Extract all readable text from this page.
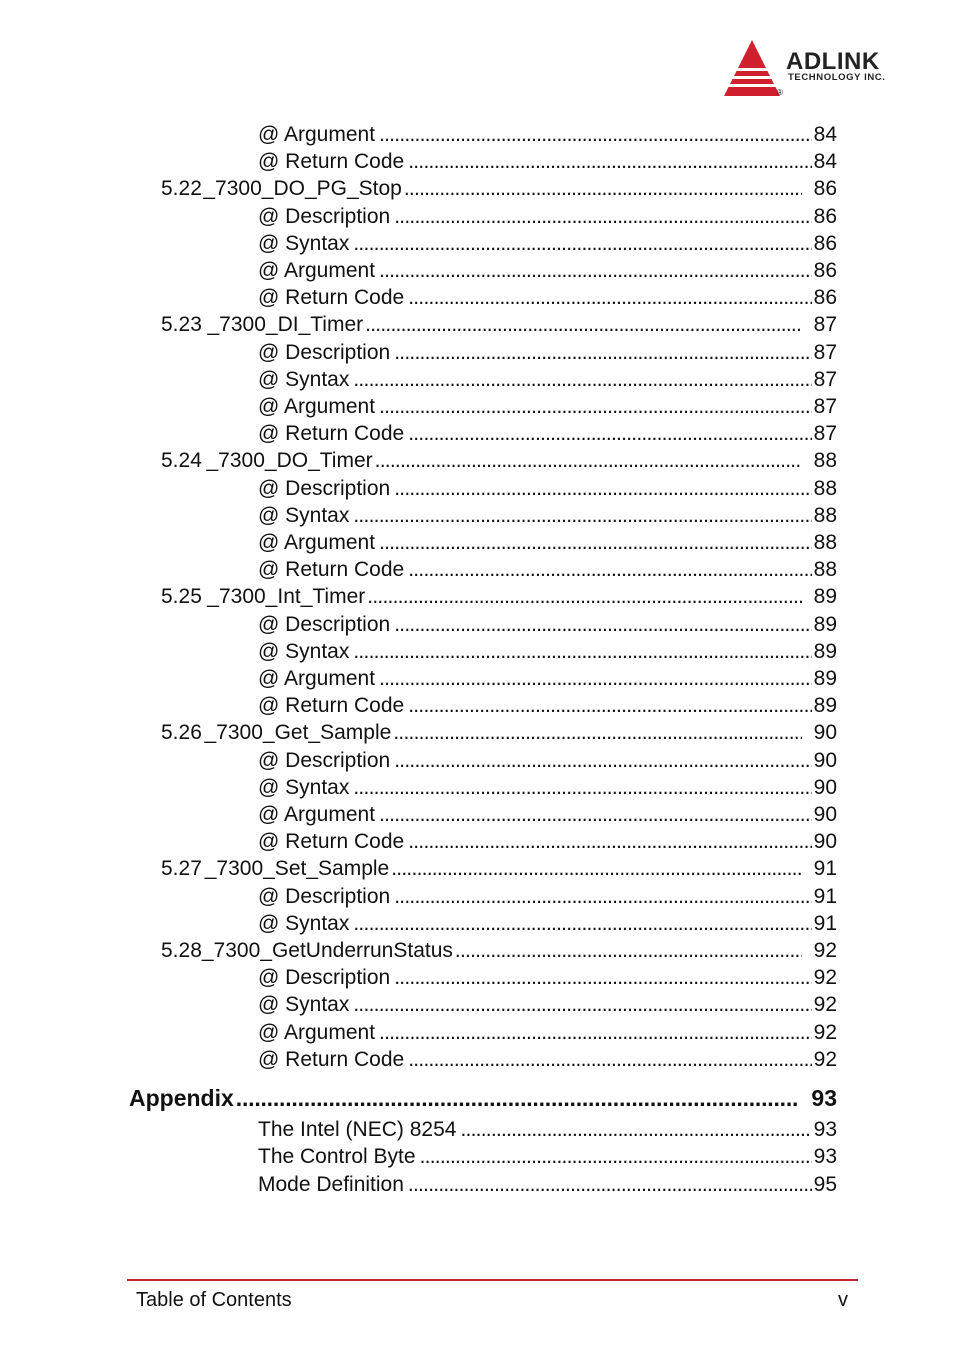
ADLINK
TECHNOLOGY INC.
®
@ Argument . . .	84
@ Return Code . . .	84
5.22 _7300_DO_PG_Stop . . .	86
@ Description . . .	86
@ Syntax . . .	86
@ Argument . . .	86
@ Return Code . . .	86
5.23 _7300_DI_Timer . . .	87
@ Description . . .	87
@ Syntax . . .	87
@ Argument . . .	87
@ Return Code . . .	87
5.24 _7300_DO_Timer . . .	88
@ Description . . .	88
@ Syntax . . .	88
@ Argument . . .	88
@ Return Code . . .	88
5.25 _7300_Int_Timer . . .	89
@ Description . . .	89
@ Syntax . . .	89
@ Argument . . .	89
@ Return Code . . .	89
5.26 _7300_Get_Sample . . .	90
@ Description . . .	90
@ Syntax . . .	90
@ Argument . . .	90
@ Return Code . . .	90
5.27 _7300_Set_Sample . . .	91
@ Description . . .	91
@ Syntax . . .	91
5.28 _7300_GetUnderrunStatus . . .	92
@ Description . . .	92
@ Syntax . . .	92
@ Argument . . .	92
@ Return Code . . .	92
Appendix . . .	93
The Intel (NEC) 8254 . . .	93
The Control Byte . . .	93
Mode Definition . . .	95
Table of Contents	v
